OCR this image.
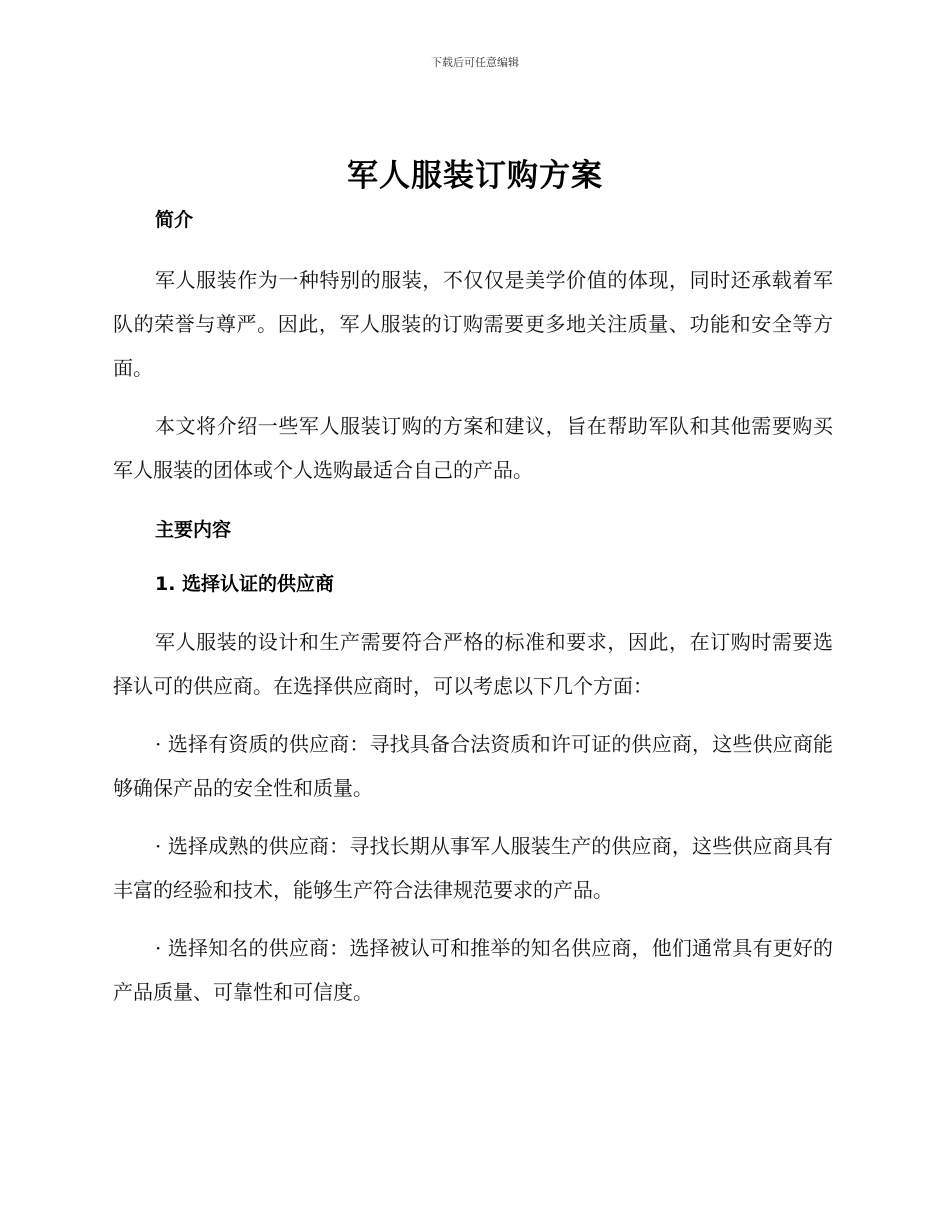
下载后可任意编辑
军人服装订购方案
简介

军人服装作为一种特别的服装，不仅仅是美学价值的体现，同时还承载着军队的荣誉与尊严。因此，军人服装的订购需要更多地关注质量、功能和安全等方面。

本文将介绍一些军人服装订购的方案和建议，旨在帮助军队和其他需要购买军人服装的团体或个人选购最适合自己的产品。

主要内容
1. 选择认证的供应商

军人服装的设计和生产需要符合严格的标准和要求，因此，在订购时需要选择认可的供应商。在选择供应商时，可以考虑以下几个方面：

· 选择有资质的供应商：寻找具备合法资质和许可证的供应商，这些供应商能够确保产品的安全性和质量。

· 选择成熟的供应商：寻找长期从事军人服装生产的供应商，这些供应商具有丰富的经验和技术，能够生产符合法律规范要求的产品。

· 选择知名的供应商：选择被认可和推举的知名供应商，他们通常具有更好的产品质量、可靠性和可信度。
